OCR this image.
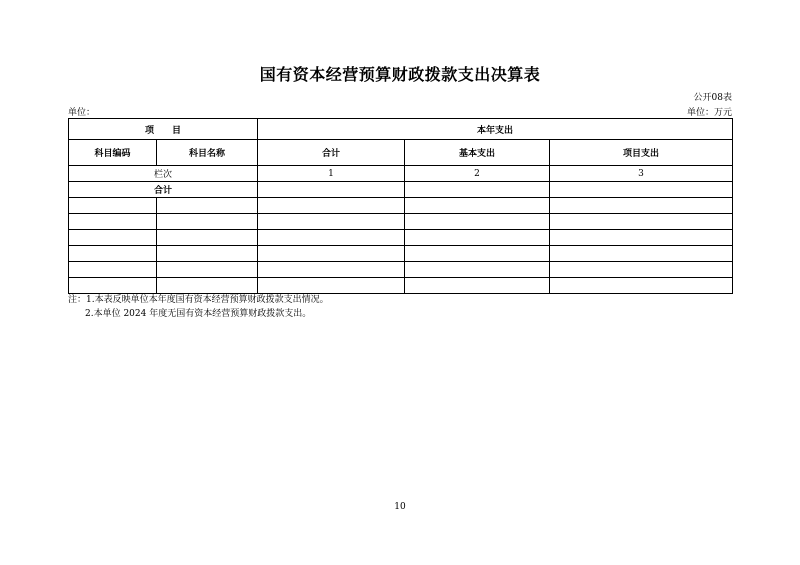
国有资本经营预算财政拨款支出决算表
公开08表
单位：	单位：万元
项　　目		本年支出		
科目编码	科目名称	合计	基本支出	项目支出
栏次		1	2	3
合计				

注：1.本表反映单位本年度国有资本经营预算财政拨款支出情况。
2.本单位 2024 年度无国有资本经营预算财政拨款支出。
10
